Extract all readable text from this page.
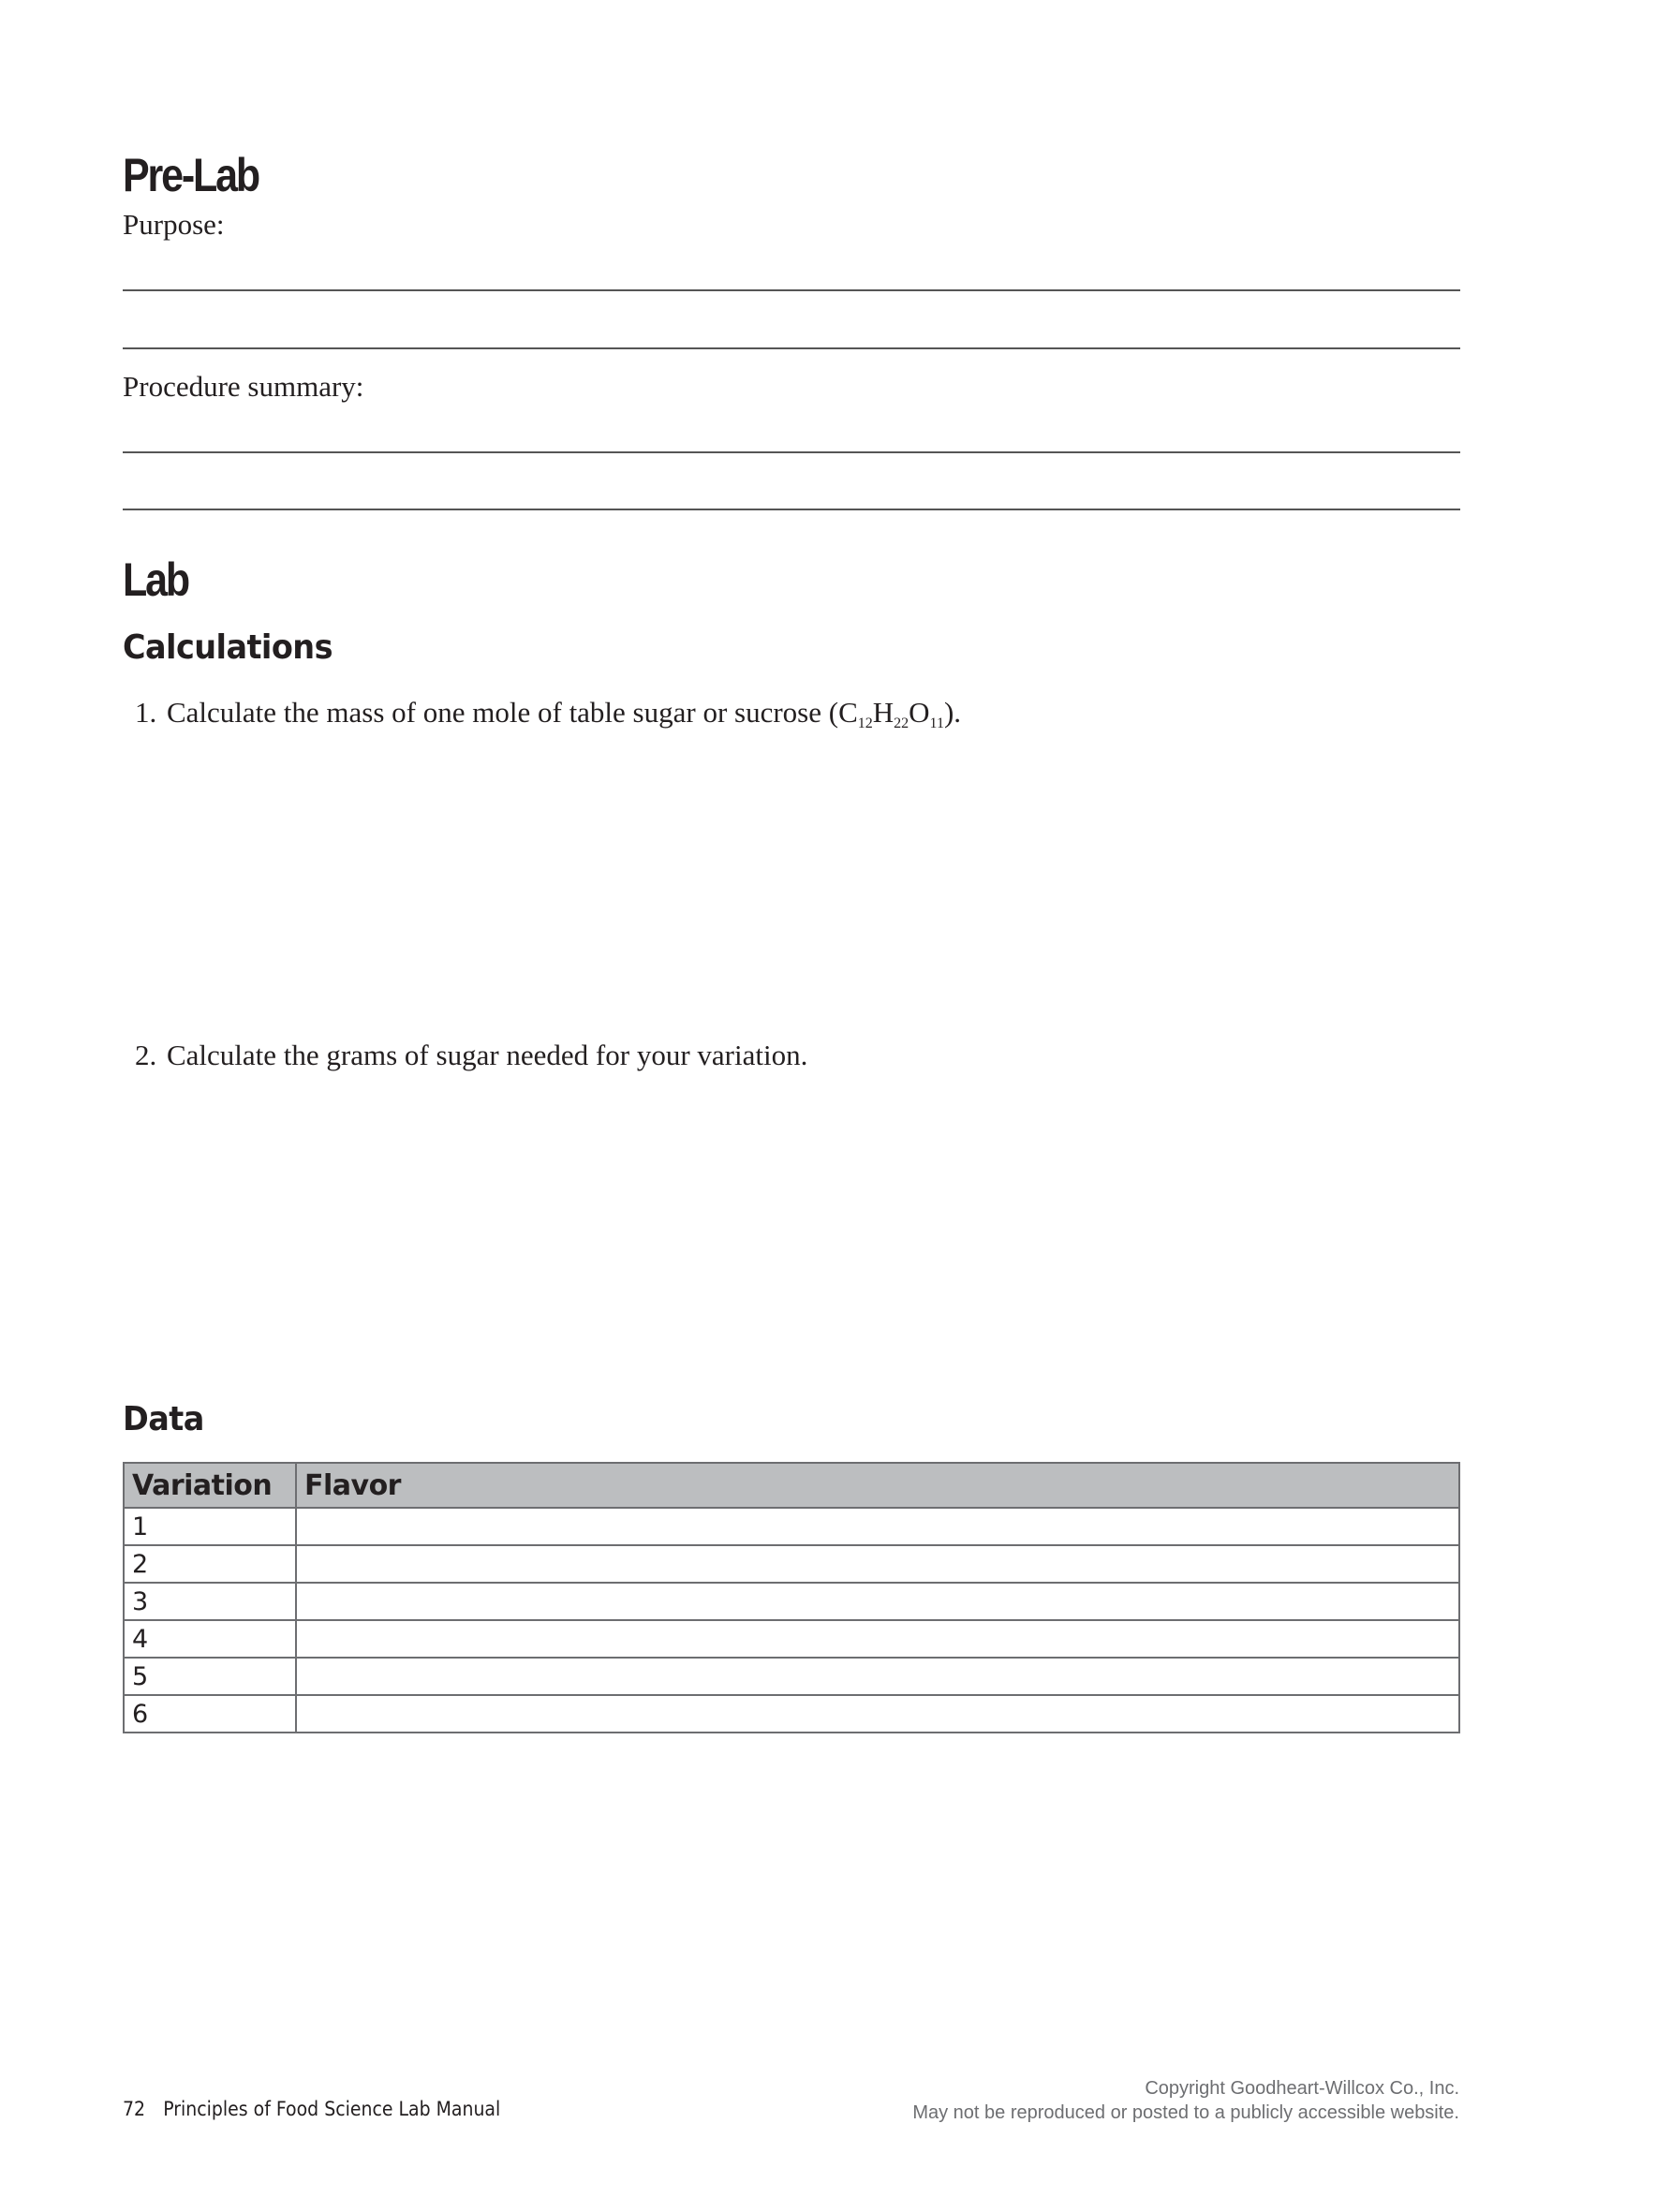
Pre-Lab
Purpose:
Procedure summary:
Lab
Calculations
1. Calculate the mass of one mole of table sugar or sucrose $(C_{12}H_{22}O_{11})$.
2. Calculate the grams of sugar needed for your variation.
Data
Variation	Flavor
1	
2	
3	
4	
5	
6	
72 Principles of Food Science Lab Manual
Copyright Goodheart-Willcox Co., Inc.
May not be reproduced or posted to a publicly accessible website.
